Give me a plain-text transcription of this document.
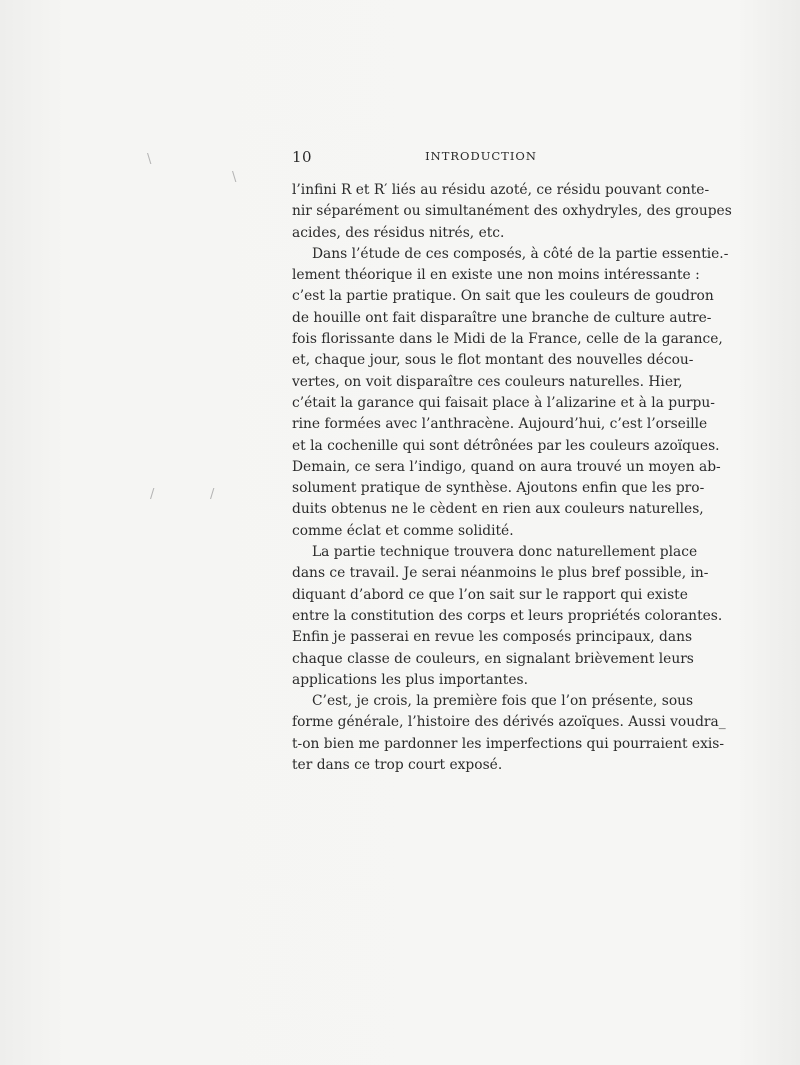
\
\
/	/
10	INTRODUCTION
l’infini R et R′ liés au résidu azoté, ce résidu pouvant conte-
nir séparément ou simultanément des oxhydryles, des groupes
acides, des résidus nitrés, etc.
Dans l’étude de ces composés, à côté de la partie essentie.-
lement théorique il en existe une non moins intéressante :
c’est la partie pratique. On sait que les couleurs de goudron
de houille ont fait disparaître une branche de culture autre-
fois florissante dans le Midi de la France, celle de la garance,
et, chaque jour, sous le flot montant des nouvelles décou-
vertes, on voit disparaître ces couleurs naturelles. Hier,
c’était la garance qui faisait place à l’alizarine et à la purpu-
rine formées avec l’anthracène. Aujourd’hui, c’est l’orseille
et la cochenille qui sont détrônées par les couleurs azoïques.
Demain, ce sera l’indigo, quand on aura trouvé un moyen ab-
solument pratique de synthèse. Ajoutons enfin que les pro-
duits obtenus ne le cèdent en rien aux couleurs naturelles,
comme éclat et comme solidité.
La partie technique trouvera donc naturellement place
dans ce travail. Je serai néanmoins le plus bref possible, in-
diquant d’abord ce que l’on sait sur le rapport qui existe
entre la constitution des corps et leurs propriétés colorantes.
Enfin je passerai en revue les composés principaux, dans
chaque classe de couleurs, en signalant brièvement leurs
applications les plus importantes.
C’est, je crois, la première fois que l’on présente, sous
forme générale, l’histoire des dérivés azoïques. Aussi voudra_
t-on bien me pardonner les imperfections qui pourraient exis-
ter dans ce trop court exposé.
